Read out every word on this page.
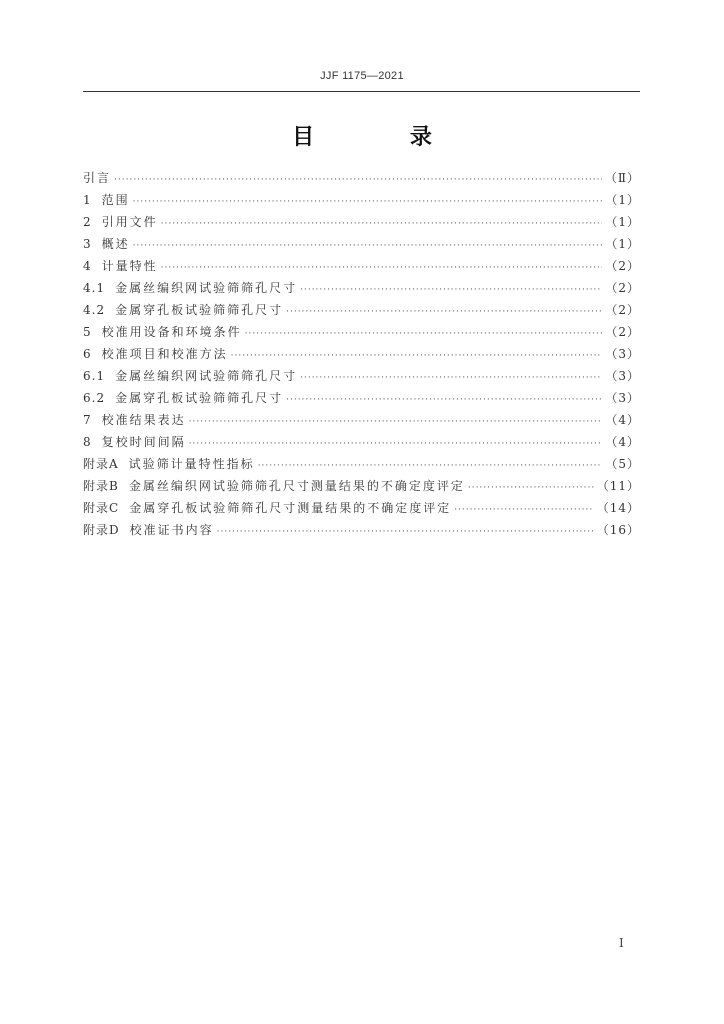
JJF 1175—2021
目 录
引言 ·····	（Ⅱ）
1 范围 ·····	（1）
2 引用文件 ·····	（1）
3 概述 ·····	（1）
4 计量特性 ·····	（2）
4.1 金属丝编织网试验筛筛孔尺寸 ·····	（2）
4.2 金属穿孔板试验筛筛孔尺寸 ·····	（2）
5 校准用设备和环境条件 ·····	（2）
6 校准项目和校准方法 ·····	（3）
6.1 金属丝编织网试验筛筛孔尺寸 ·····	（3）
6.2 金属穿孔板试验筛筛孔尺寸 ·····	（3）
7 校准结果表达 ·····	（4）
8 复校时间间隔 ·····	（4）
附录A 试验筛计量特性指标 ·····	（5）
附录B 金属丝编织网试验筛筛孔尺寸测量结果的不确定度评定 ·····	（11）
附录C 金属穿孔板试验筛筛孔尺寸测量结果的不确定度评定 ·····	（14）
附录D 校准证书内容 ·····	（16）
Ⅰ
